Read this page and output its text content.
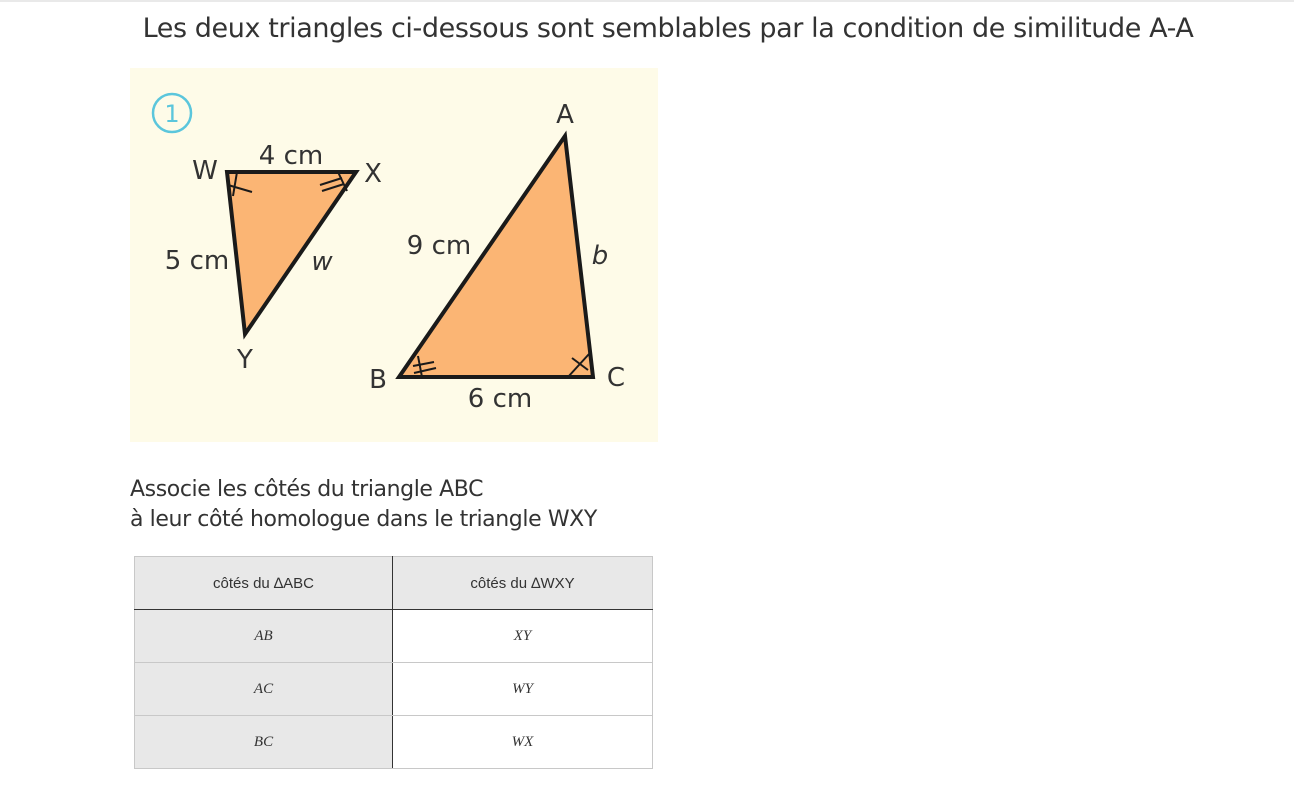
Les deux triangles ci-dessous sont semblables par la condition de similitude A-A
1
W	X
Y
4 cm
5 cm	w
A
B	C
9 cm	b
6 cm
Associe les côtés du triangle ABC
à leur côté homologue dans le triangle WXY
côtés du ∆ABC	côtés du ∆WXY
AB	XY
AC	WY
BC	WX
